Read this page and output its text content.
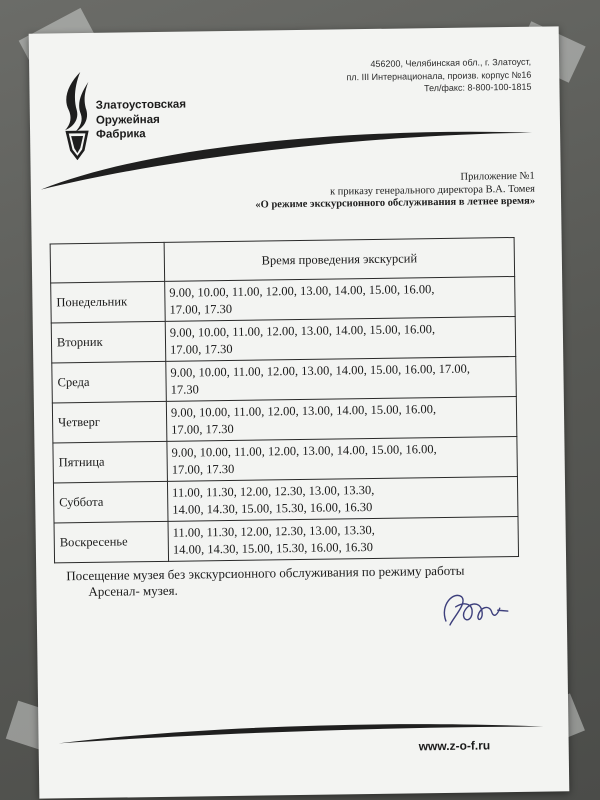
456200, Челябинская обл., г. Златоуст,
пл. III Интернационала, произв. корпус №16
Тел/факс: 8-800-100-1815
Златоустовская
Оружейная
Фабрика
Приложение №1
к приказу генерального директора В.А. Томея
«О режиме экскурсионного обслуживания в летнее время»
	Время проведения экскурсий
Понедельник	9.00, 10.00, 11.00, 12.00, 13.00, 14.00, 15.00, 16.00,
17.00, 17.30

Вторник	9.00, 10.00, 11.00, 12.00, 13.00, 14.00, 15.00, 16.00,
17.00, 17.30

Среда	9.00, 10.00, 11.00, 12.00, 13.00, 14.00, 15.00, 16.00, 17.00,
17.30

Четверг	9.00, 10.00, 11.00, 12.00, 13.00, 14.00, 15.00, 16.00,
17.00, 17.30

Пятница	9.00, 10.00, 11.00, 12.00, 13.00, 14.00, 15.00, 16.00,
17.00, 17.30

Суббота	11.00, 11.30, 12.00, 12.30, 13.00, 13.30,
14.00, 14.30, 15.00, 15.30, 16.00, 16.30

Воскресенье	11.00, 11.30, 12.00, 12.30, 13.00, 13.30,
14.00, 14.30, 15.00, 15.30, 16.00, 16.30
Посещение музея без экскурсионного обслуживания по режиму работы
Арсенал- музея.
www.z-o-f.ru
